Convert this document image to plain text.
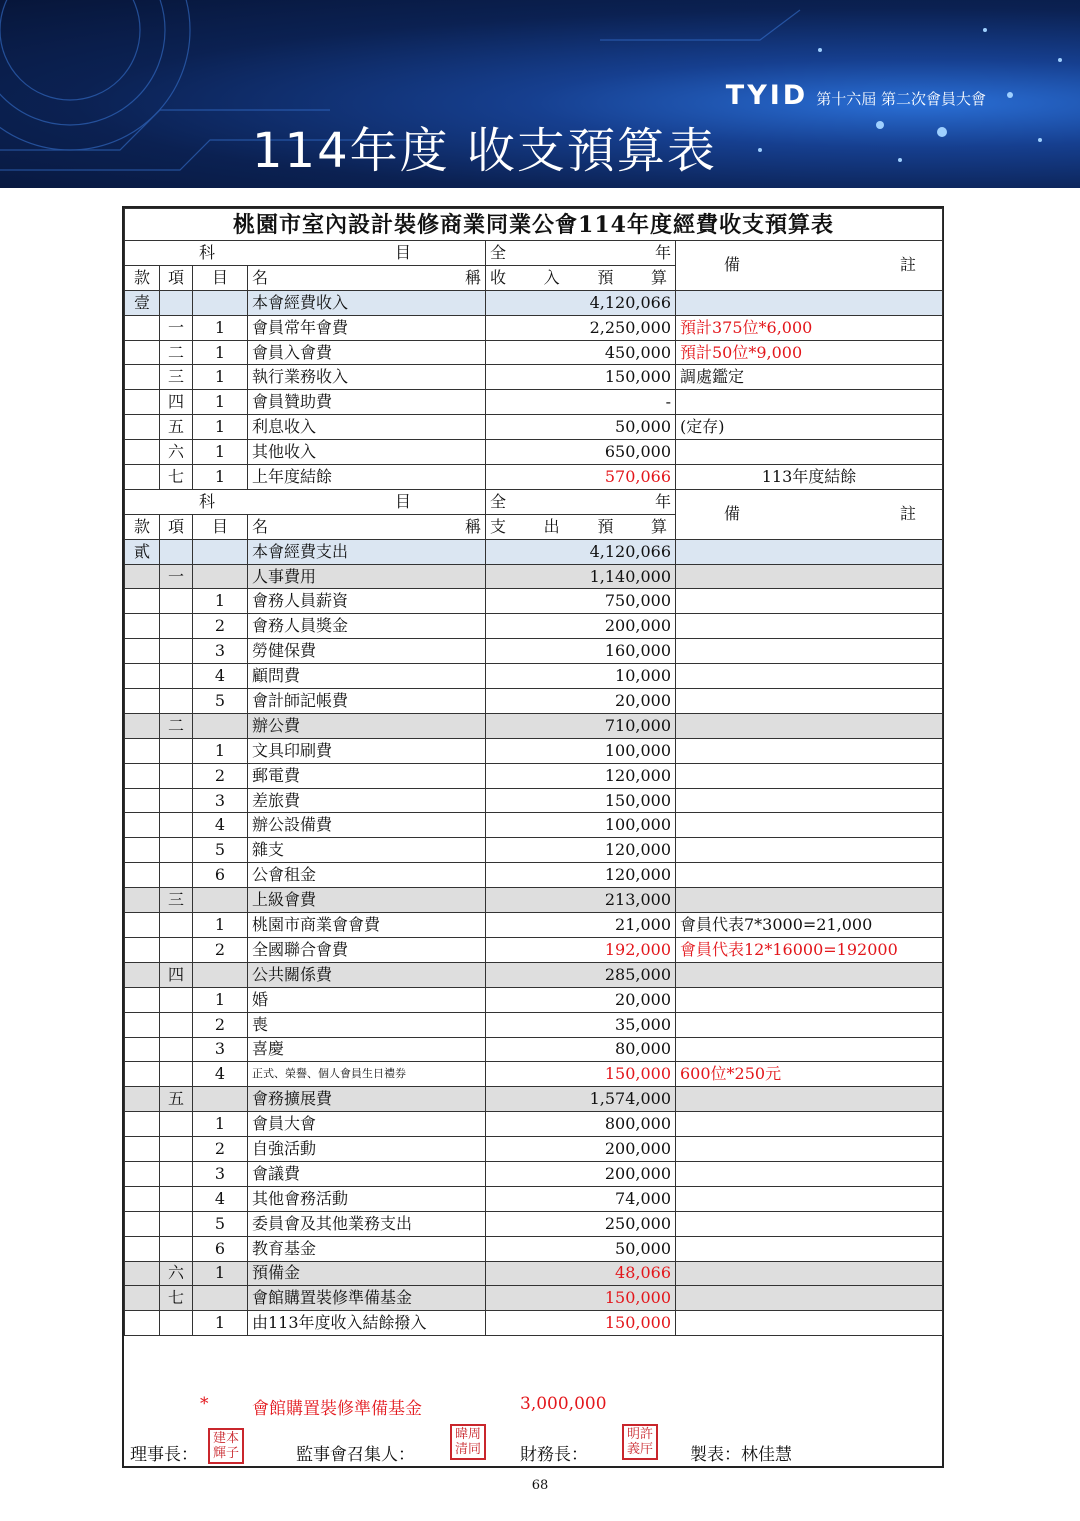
TYID 第十六屆 第二次會員大會
114年度 收支預算表
桃園市室內設計裝修商業同業公會114年度經費收支預算表					

科 目				全 年	備 註

款	項	目	名 稱	收 入 預 算	

壹			本會經費收入	4,120,066	
	一	1	會員常年會費	2,250,000	預計375位*6,000
	二	1	會員入會費	450,000	預計50位*9,000
	三	1	執行業務收入	150,000	調處鑑定
	四	1	會員贊助費	-	
	五	1	利息收入	50,000	(定存)
	六	1	其他收入	650,000	
	七	1	上年度結餘	570,066	113年度結餘

科 目				全 年	備 註

款	項	目	名 稱	支 出 預 算	

貳			本會經費支出	4,120,066	
	一		人事費用	1,140,000	
		1	會務人員薪資	750,000	
		2	會務人員獎金	200,000	
		3	勞健保費	160,000	
		4	顧問費	10,000	
		5	會計師記帳費	20,000	
	二		辦公費	710,000	
		1	文具印刷費	100,000	
		2	郵電費	120,000	
		3	差旅費	150,000	
		4	辦公設備費	100,000	
		5	雜支	120,000	
		6	公會租金	120,000	
	三		上級會費	213,000	
		1	桃園市商業會會費	21,000	會員代表7*3000=21,000
		2	全國聯合會費	192,000	會員代表12*16000=192000
	四		公共關係費	285,000	
		1	婚	20,000	
		2	喪	35,000	
		3	喜慶	80,000	
		4	正式、榮譽、個人會員生日禮券	150,000	600位*250元
	五		會務擴展費	1,574,000	
		1	會員大會	800,000	
		2	自強活動	200,000	
		3	會議費	200,000	
		4	其他會務活動	74,000	
		5	委員會及其他業務支出	250,000	
		6	教育基金	50,000	
	六	1	預備金	48,066	
	七		會館購置裝修準備基金	150,000	
		1	由113年度收入結餘撥入	150,000	
*	會館購置裝修準備基金	3,000,000
理事長：
建本
輝子	監事會召集人：
暐周
清同 財務長：
明許
義厈 製表：林佳慧
68
